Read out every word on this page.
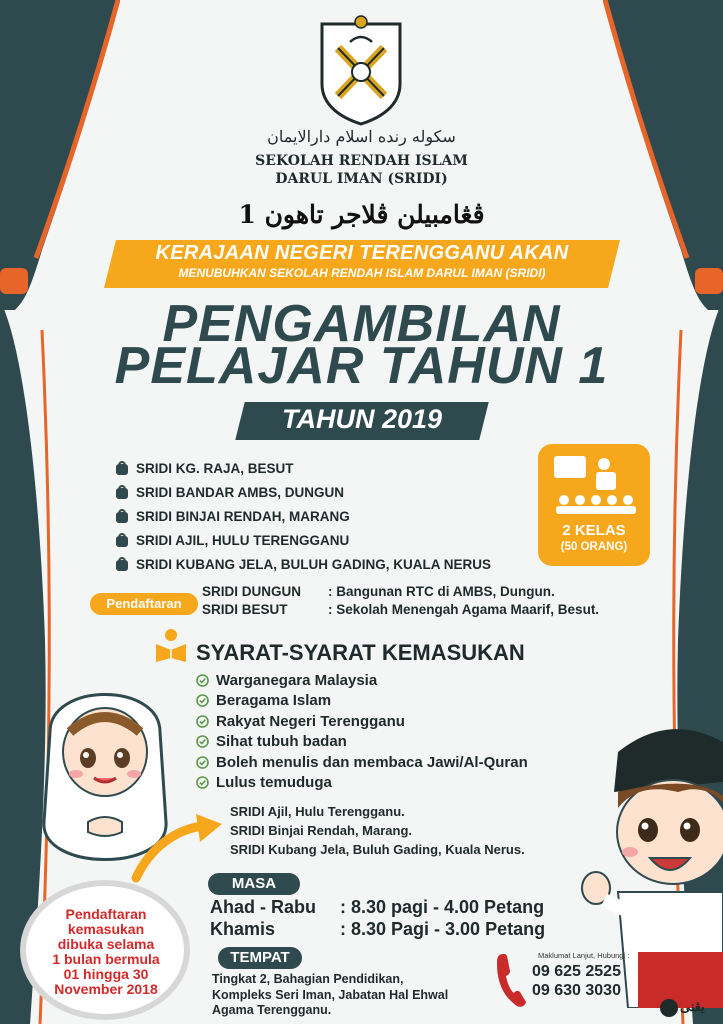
سكوله رنده اسلام دارالايمان
SEKOLAH RENDAH ISLAM
DARUL IMAN (SRIDI)
ڤڠامبيلن ڤلاجر تاهون 1
KERAJAAN NEGERI TERENGGANU AKAN
MENUBUHKAN SEKOLAH RENDAH ISLAM DARUL IMAN (SRIDI)
PENGAMBILAN
PELAJAR TAHUN 1
TAHUN 2019
SRIDI KG. RAJA, BESUT
SRIDI BANDAR AMBS, DUNGUN
SRIDI BINJAI RENDAH, MARANG
SRIDI AJIL, HULU TERENGGANU
SRIDI KUBANG JELA, BULUH GADING, KUALA NERUS
2 KELAS
(50 ORANG)
Pendaftaran
SRIDI DUNGUN	: Bangunan RTC di AMBS, Dungun.
SRIDI BESUT	: Sekolah Menengah Agama Maarif, Besut.
SYARAT-SYARAT KEMASUKAN
Warganegara Malaysia
Beragama Islam
Rakyat Negeri Terengganu
Sihat tubuh badan
Boleh menulis dan membaca Jawi/Al-Quran
Lulus temuduga
SRIDI Ajil, Hulu Terengganu.
SRIDI Binjai Rendah, Marang.
SRIDI Kubang Jela, Buluh Gading, Kuala Nerus.
MASA
Ahad - Rabu	: 8.30 pagi - 4.00 Petang
Khamis	: 8.30 Pagi - 3.00 Petang
TEMPAT
Tingkat 2, Bahagian Pendidikan,
Kompleks Seri Iman, Jabatan Hal Ehwal
Agama Terengganu.
Pendaftaran
kemasukan
dibuka selama
1 bulan bermula
01 hingga 30
November 2018
Maklumat Lanjut, Hubungi :
09 625 2525
09 630 3030
يڠنى
